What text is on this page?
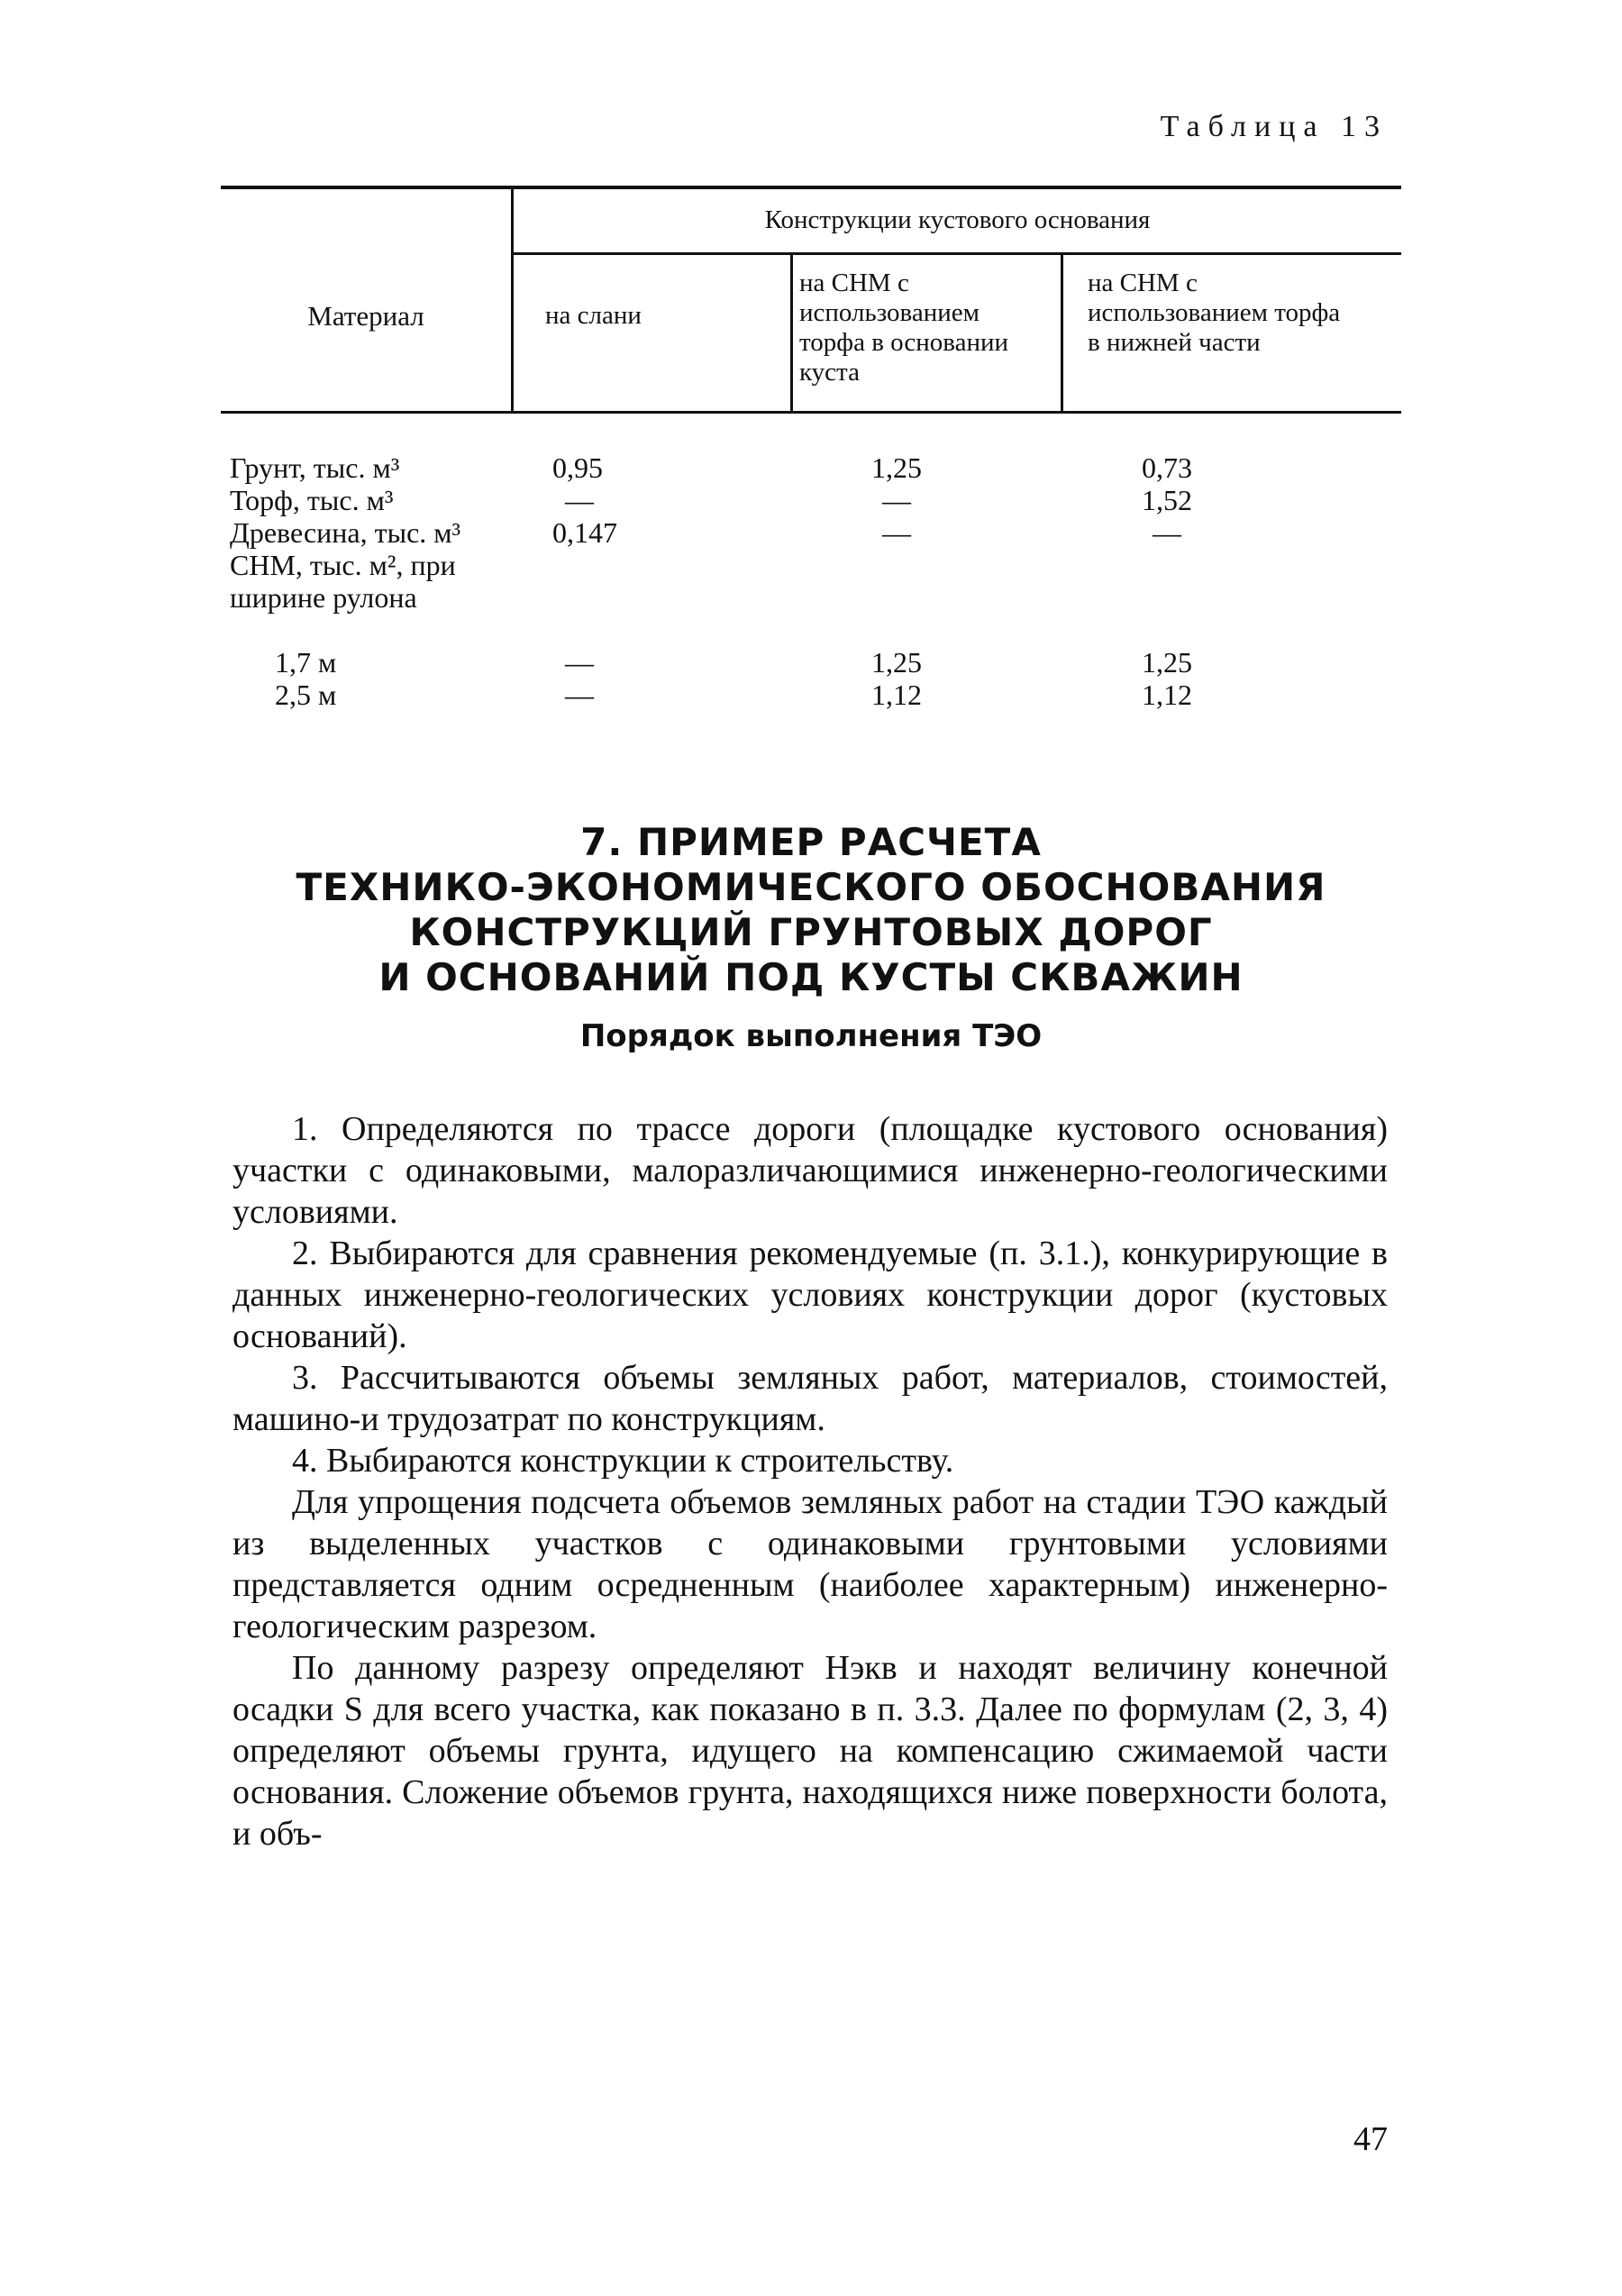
Таблица 13
Материал
Конструкции кустового основания
на слани
на СНМ с использованием торфа в основании куста
на СНМ с использованием торфа в нижней части
Грунт, тыс. м³	0,95	1,25	0,73
Торф, тыс. м³	—	—	1,52
Древесина, тыс. м³	0,147	—	—
СНМ, тыс. м², при ширине рулона
1,7 м	—	1,25	1,25
2,5 м	—	1,12	1,12
7. ПРИМЕР РАСЧЕТА
ТЕХНИКО-ЭКОНОМИЧЕСКОГО ОБОСНОВАНИЯ
КОНСТРУКЦИЙ ГРУНТОВЫХ ДОРОГ
И ОСНОВАНИЙ ПОД КУСТЫ СКВАЖИН
Порядок выполнения ТЭО

1. Определяются по трассе дороги (площадке кустового основания) участки с одинаковыми, малоразличающимися инженерно-геологическими условиями.

2. Выбираются для сравнения рекомендуемые (п. 3.1.), конкурирующие в данных инженерно-геологических условиях конструкции дорог (кустовых оснований).

3. Рассчитываются объемы земляных работ, материалов, стоимостей, машино-и трудозатрат по конструкциям.

4. Выбираются конструкции к строительству.

Для упрощения подсчета объемов земляных работ на стадии ТЭО каждый из выделенных участков с одинаковыми грунтовыми условиями представляется одним осредненным (наиболее характерным) инженерно-геологическим разрезом.

По данному разрезу определяют Нэкв и находят величину конечной осадки S для всего участка, как показано в п. 3.3. Далее по формулам (2, 3, 4) определяют объемы грунта, идущего на компенсацию сжимаемой части основания. Сложение объемов грунта, находящихся ниже поверхности болота, и объ-

47
